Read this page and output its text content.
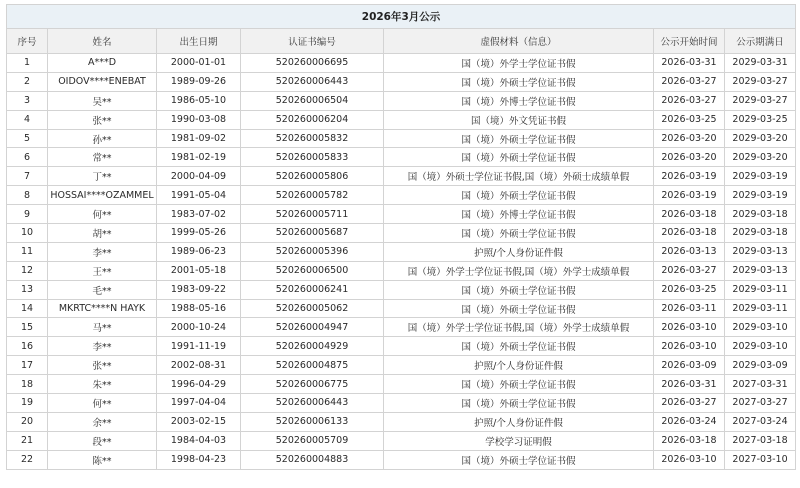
2026年3月公示						
序号	姓名	出生日期	认证书编号	虚假材料（信息）	公示开始时间	公示期满日
1	A***D	2000-01-01	520260006695	国（境）外学士学位证书假	2026-03-31	2029-03-31
2	OIDOV****ENEBAT	1989-09-26	520260006443	国（境）外硕士学位证书假	2026-03-27	2029-03-27
3	吴**	1986-05-10	520260006504	国（境）外博士学位证书假	2026-03-27	2029-03-27
4	张**	1990-03-08	520260006204	国（境）外文凭证书假	2026-03-25	2029-03-25
5	孙**	1981-09-02	520260005832	国（境）外硕士学位证书假	2026-03-20	2029-03-20
6	常**	1981-02-19	520260005833	国（境）外硕士学位证书假	2026-03-20	2029-03-20
7	丁**	2000-04-09	520260005806	国（境）外硕士学位证书假,国（境）外硕士成绩单假	2026-03-19	2029-03-19
8	HOSSAI****OZAMMEL	1991-05-04	520260005782	国（境）外硕士学位证书假	2026-03-19	2029-03-19
9	何**	1983-07-02	520260005711	国（境）外博士学位证书假	2026-03-18	2029-03-18
10	胡**	1999-05-26	520260005687	国（境）外硕士学位证书假	2026-03-18	2029-03-18
11	李**	1989-06-23	520260005396	护照/个人身份证件假	2026-03-13	2029-03-13
12	王**	2001-05-18	520260006500	国（境）外学士学位证书假,国（境）外学士成绩单假	2026-03-27	2029-03-13
13	毛**	1983-09-22	520260006241	国（境）外硕士学位证书假	2026-03-25	2029-03-11
14	MKRTC****N HAYK	1988-05-16	520260005062	国（境）外硕士学位证书假	2026-03-11	2029-03-11
15	马**	2000-10-24	520260004947	国（境）外学士学位证书假,国（境）外学士成绩单假	2026-03-10	2029-03-10
16	李**	1991-11-19	520260004929	国（境）外硕士学位证书假	2026-03-10	2029-03-10
17	张**	2002-08-31	520260004875	护照/个人身份证件假	2026-03-09	2029-03-09
18	朱**	1996-04-29	520260006775	国（境）外硕士学位证书假	2026-03-31	2027-03-31
19	何**	1997-04-04	520260006443	国（境）外硕士学位证书假	2026-03-27	2027-03-27
20	余**	2003-02-15	520260006133	护照/个人身份证件假	2026-03-24	2027-03-24
21	段**	1984-04-03	520260005709	学校学习证明假	2026-03-18	2027-03-18
22	陈**	1998-04-23	520260004883	国（境）外硕士学位证书假	2026-03-10	2027-03-10
